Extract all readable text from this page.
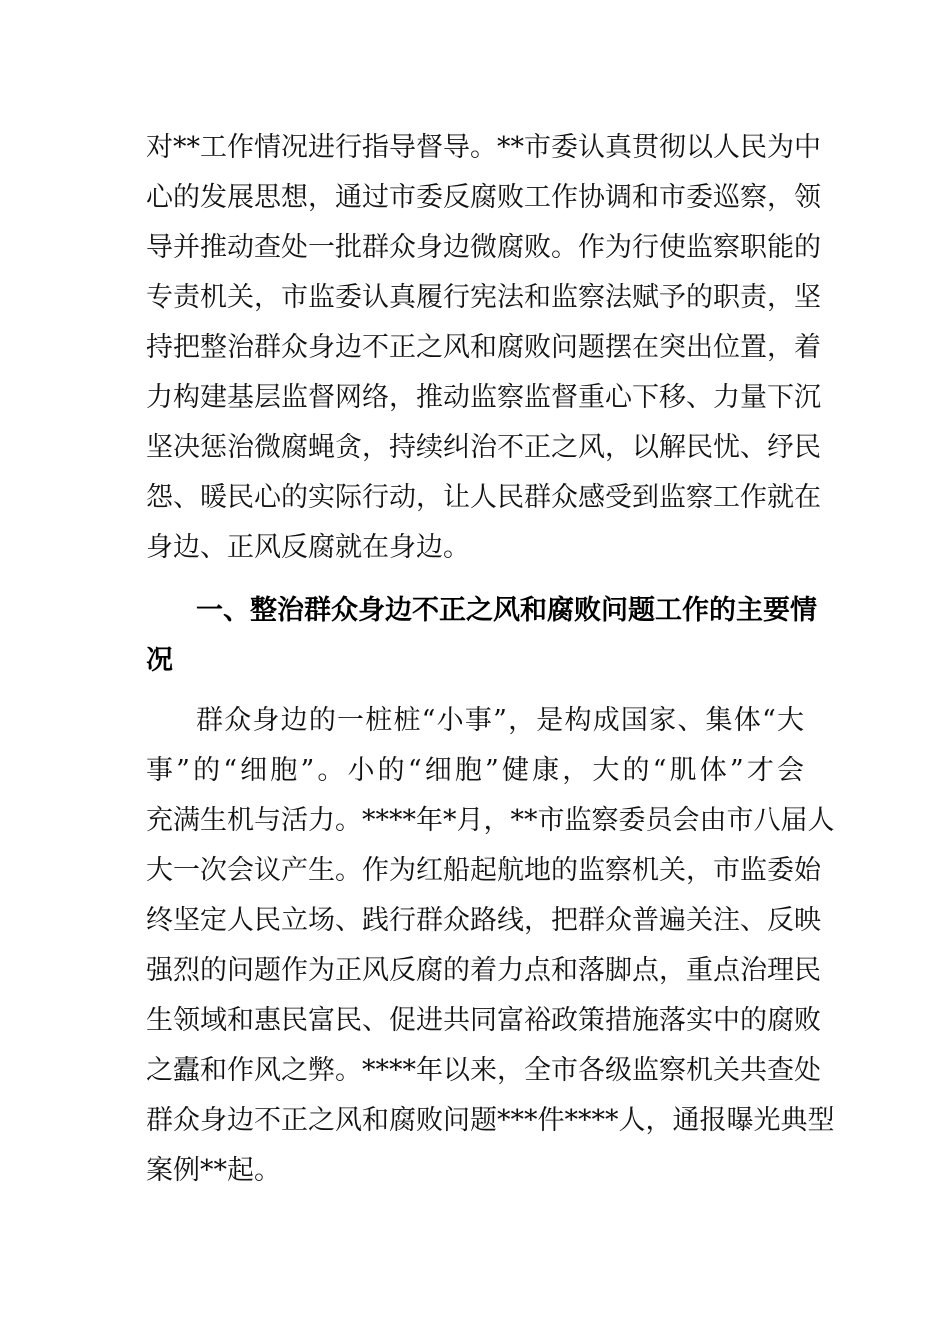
对**工作情况进行指导督导。**市委认真贯彻以人民为中
心的发展思想，通过市委反腐败工作协调和市委巡察，领
导并推动查处一批群众身边微腐败。作为行使监察职能的
专责机关，市监委认真履行宪法和监察法赋予的职责，坚
持把整治群众身边不正之风和腐败问题摆在突出位置，着
力构建基层监督网络，推动监察监督重心下移、力量下沉
坚决惩治微腐蝇贪，持续纠治不正之风，以解民忧、纾民
怨、暖民心的实际行动，让人民群众感受到监察工作就在
身边、正风反腐就在身边。
一、整治群众身边不正之风和腐败问题工作的主要情
况
群众身边的一桩桩“小事”，是构成国家、集体“大
事”的“细胞”。小的“细胞”健康，大的“肌体”才会
充满生机与活力。****年*月，**市监察委员会由市八届人
大一次会议产生。作为红船起航地的监察机关，市监委始
终坚定人民立场、践行群众路线，把群众普遍关注、反映
强烈的问题作为正风反腐的着力点和落脚点，重点治理民
生领域和惠民富民、促进共同富裕政策措施落实中的腐败
之蠹和作风之弊。****年以来，全市各级监察机关共查处
群众身边不正之风和腐败问题***件****人，通报曝光典型
案例**起。
